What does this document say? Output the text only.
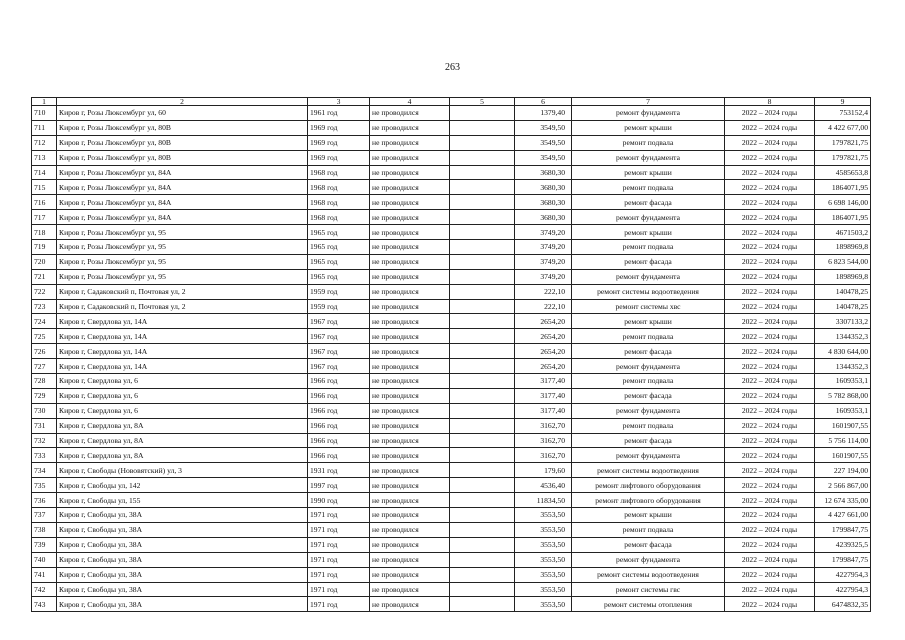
263
1	2	3	4	5	6	7	8	9
710	Киров г, Розы Люксембург ул, 60	1961 год	не проводился		1379,40	ремонт фундамента	2022 – 2024 годы	753152,4
711	Киров г, Розы Люксембург ул, 80В	1969 год	не проводился		3549,50	ремонт крыши	2022 – 2024 годы	4 422 677,00
712	Киров г, Розы Люксембург ул, 80В	1969 год	не проводился		3549,50	ремонт подвала	2022 – 2024 годы	1797821,75
713	Киров г, Розы Люксембург ул, 80В	1969 год	не проводился		3549,50	ремонт фундамента	2022 – 2024 годы	1797821,75
714	Киров г, Розы Люксембург ул, 84А	1968 год	не проводился		3680,30	ремонт крыши	2022 – 2024 годы	4585653,8
715	Киров г, Розы Люксембург ул, 84А	1968 год	не проводился		3680,30	ремонт подвала	2022 – 2024 годы	1864071,95
716	Киров г, Розы Люксембург ул, 84А	1968 год	не проводился		3680,30	ремонт фасада	2022 – 2024 годы	6 698 146,00
717	Киров г, Розы Люксембург ул, 84А	1968 год	не проводился		3680,30	ремонт фундамента	2022 – 2024 годы	1864071,95
718	Киров г, Розы Люксембург ул, 95	1965 год	не проводился		3749,20	ремонт крыши	2022 – 2024 годы	4671503,2
719	Киров г, Розы Люксембург ул, 95	1965 год	не проводился		3749,20	ремонт подвала	2022 – 2024 годы	1898969,8
720	Киров г, Розы Люксембург ул, 95	1965 год	не проводился		3749,20	ремонт фасада	2022 – 2024 годы	6 823 544,00
721	Киров г, Розы Люксембург ул, 95	1965 год	не проводился		3749,20	ремонт фундамента	2022 – 2024 годы	1898969,8
722	Киров г, Садаковский п, Почтовая ул, 2	1959 год	не проводился		222,10	ремонт системы водоотведения	2022 – 2024 годы	140478,25
723	Киров г, Садаковский п, Почтовая ул, 2	1959 год	не проводился		222,10	ремонт системы хвс	2022 – 2024 годы	140478,25
724	Киров г, Свердлова ул, 14А	1967 год	не проводился		2654,20	ремонт крыши	2022 – 2024 годы	3307133,2
725	Киров г, Свердлова ул, 14А	1967 год	не проводился		2654,20	ремонт подвала	2022 – 2024 годы	1344352,3
726	Киров г, Свердлова ул, 14А	1967 год	не проводился		2654,20	ремонт фасада	2022 – 2024 годы	4 830 644,00
727	Киров г, Свердлова ул, 14А	1967 год	не проводился		2654,20	ремонт фундамента	2022 – 2024 годы	1344352,3
728	Киров г, Свердлова ул, 6	1966 год	не проводился		3177,40	ремонт подвала	2022 – 2024 годы	1609353,1
729	Киров г, Свердлова ул, 6	1966 год	не проводился		3177,40	ремонт фасада	2022 – 2024 годы	5 782 868,00
730	Киров г, Свердлова ул, 6	1966 год	не проводился		3177,40	ремонт фундамента	2022 – 2024 годы	1609353,1
731	Киров г, Свердлова ул, 8А	1966 год	не проводился		3162,70	ремонт подвала	2022 – 2024 годы	1601907,55
732	Киров г, Свердлова ул, 8А	1966 год	не проводился		3162,70	ремонт фасада	2022 – 2024 годы	5 756 114,00
733	Киров г, Свердлова ул, 8А	1966 год	не проводился		3162,70	ремонт фундамента	2022 – 2024 годы	1601907,55
734	Киров г, Свободы (Нововятский) ул, 3	1931 год	не проводился		179,60	ремонт системы водоотведения	2022 – 2024 годы	227 194,00
735	Киров г, Свободы ул, 142	1997 год	не проводился		4536,40	ремонт лифтового оборудования	2022 – 2024 годы	2 566 867,00
736	Киров г, Свободы ул, 155	1990 год	не проводился		11834,50	ремонт лифтового оборудования	2022 – 2024 годы	12 674 335,00
737	Киров г, Свободы ул, 38А	1971 год	не проводился		3553,50	ремонт крыши	2022 – 2024 годы	4 427 661,00
738	Киров г, Свободы ул, 38А	1971 год	не проводился		3553,50	ремонт подвала	2022 – 2024 годы	1799847,75
739	Киров г, Свободы ул, 38А	1971 год	не проводился		3553,50	ремонт фасада	2022 – 2024 годы	4239325,5
740	Киров г, Свободы ул, 38А	1971 год	не проводился		3553,50	ремонт фундамента	2022 – 2024 годы	1799847,75
741	Киров г, Свободы ул, 38А	1971 год	не проводился		3553,50	ремонт системы водоотведения	2022 – 2024 годы	4227954,3
742	Киров г, Свободы ул, 38А	1971 год	не проводился		3553,50	ремонт системы гвс	2022 – 2024 годы	4227954,3
743	Киров г, Свободы ул, 38А	1971 год	не проводился		3553,50	ремонт системы отопления	2022 – 2024 годы	6474832,35
